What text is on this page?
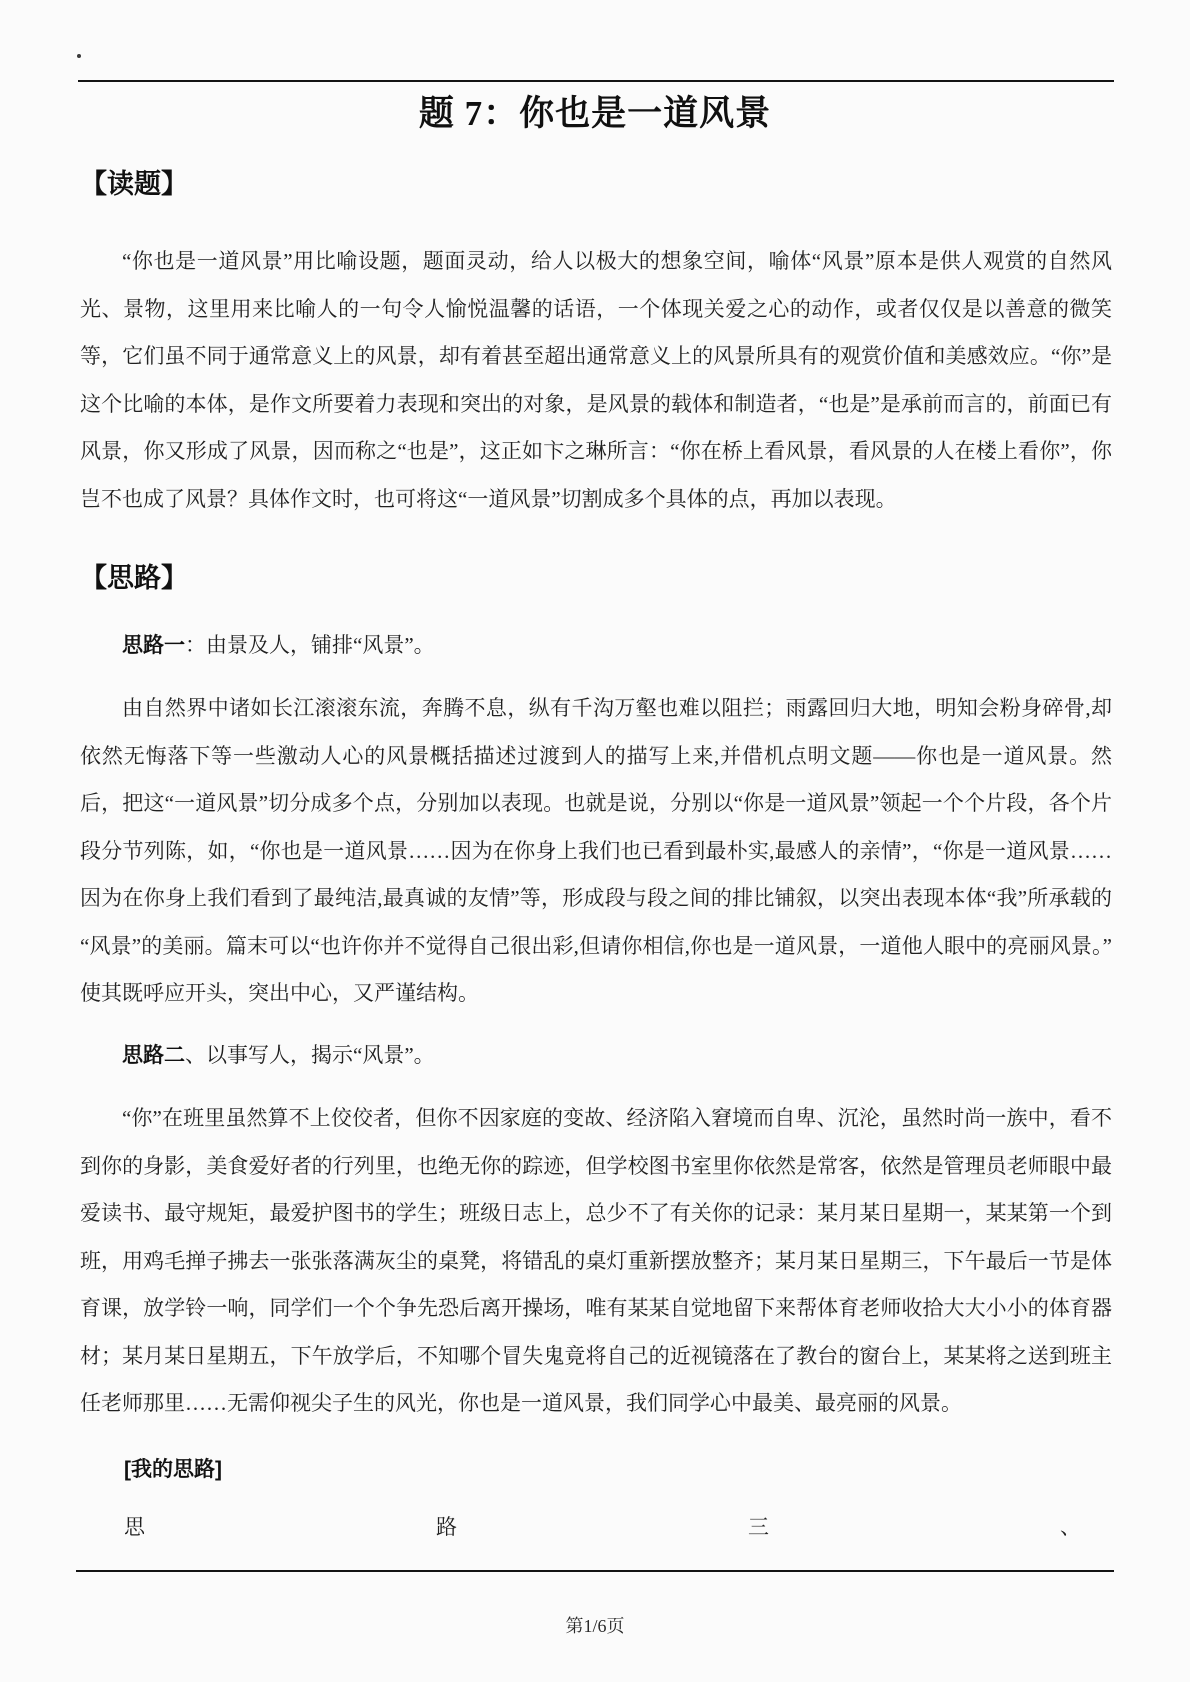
题 7：你也是一道风景
【读题】

“你也是一道风景”用比喻设题，题面灵动，给人以极大的想象空间，喻体“风景”原本是供人观赏的自然风光、景物，这里用来比喻人的一句令人愉悦温馨的话语，一个体现关爱之心的动作，或者仅仅是以善意的微笑等，它们虽不同于通常意义上的风景，却有着甚至超出通常意义上的风景所具有的观赏价值和美感效应。“你”是这个比喻的本体，是作文所要着力表现和突出的对象，是风景的载体和制造者，“也是”是承前而言的，前面已有风景，你又形成了风景，因而称之“也是”，这正如卞之琳所言：“你在桥上看风景，看风景的人在楼上看你”，你岂不也成了风景？具体作文时，也可将这“一道风景”切割成多个具体的点，再加以表现。

【思路】

思路一：由景及人，铺排“风景”。

由自然界中诸如长江滚滚东流，奔腾不息，纵有千沟万壑也难以阻拦；雨露回归大地，明知会粉身碎骨,却依然无悔落下等一些激动人心的风景概括描述过渡到人的描写上来,并借机点明文题——你也是一道风景。然后，把这“一道风景”切分成多个点，分别加以表现。也就是说，分别以“你是一道风景”领起一个个片段，各个片段分节列陈，如，“你也是一道风景……因为在你身上我们也已看到最朴实,最感人的亲情”，“你是一道风景……因为在你身上我们看到了最纯洁,最真诚的友情”等，形成段与段之间的排比铺叙，以突出表现本体“我”所承载的“风景”的美丽。篇末可以“也许你并不觉得自己很出彩,但请你相信,你也是一道风景，一道他人眼中的亮丽风景。”使其既呼应开头，突出中心，又严谨结构。

思路二、以事写人，揭示“风景”。

“你”在班里虽然算不上佼佼者，但你不因家庭的变故、经济陷入窘境而自卑、沉沦，虽然时尚一族中，看不到你的身影，美食爱好者的行列里，也绝无你的踪迹，但学校图书室里你依然是常客，依然是管理员老师眼中最爱读书、最守规矩，最爱护图书的学生；班级日志上，总少不了有关你的记录：某月某日星期一，某某第一个到班，用鸡毛掸子拂去一张张落满灰尘的桌凳，将错乱的桌灯重新摆放整齐；某月某日星期三，下午最后一节是体育课，放学铃一响，同学们一个个争先恐后离开操场，唯有某某自觉地留下来帮体育老师收拾大大小小的体育器材；某月某日星期五，下午放学后，不知哪个冒失鬼竟将自己的近视镜落在了教台的窗台上，某某将之送到班主任老师那里……无需仰视尖子生的风光，你也是一道风景，我们同学心中最美、最亮丽的风景。

[我的思路]

思	路	三	、
第1/6页
